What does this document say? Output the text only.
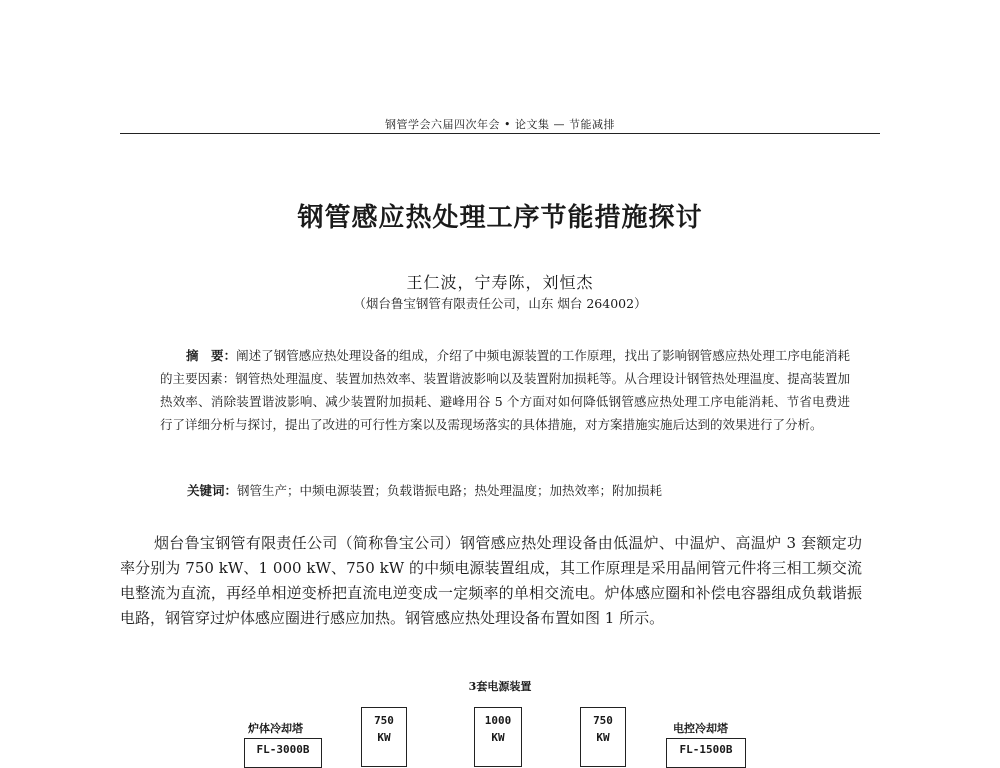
钢管学会六届四次年会 • 论文集 — 节能减排
钢管感应热处理工序节能措施探讨
王仁波，宁寿陈，刘恒杰
（烟台鲁宝钢管有限责任公司，山东 烟台 264002）
摘　要：阐述了钢管感应热处理设备的组成，介绍了中频电源装置的工作原理，找出了影响钢管感应热处理工序电能消耗的主要因素：钢管热处理温度、装置加热效率、装置谐波影响以及装置附加损耗等。从合理设计钢管热处理温度、提高装置加热效率、消除装置谐波影响、减少装置附加损耗、避峰用谷 5 个方面对如何降低钢管感应热处理工序电能消耗、节省电费进行了详细分析与探讨，提出了改进的可行性方案以及需现场落实的具体措施，对方案措施实施后达到的效果进行了分析。
关键词：钢管生产；中频电源装置；负载谐振电路；热处理温度；加热效率；附加损耗
烟台鲁宝钢管有限责任公司（简称鲁宝公司）钢管感应热处理设备由低温炉、中温炉、高温炉 3 套额定功率分别为 750 kW、1 000 kW、750 kW 的中频电源装置组成，其工作原理是采用晶闸管元件将三相工频交流电整流为直流，再经单相逆变桥把直流电逆变成一定频率的单相交流电。炉体感应圈和补偿电容器组成负载谐振电路，钢管穿过炉体感应圈进行感应加热。钢管感应热处理设备布置如图 1 所示。
3套电源装置
炉体冷却塔
FL-3000B
750
KW
1000
KW
750
KW
电控冷却塔
FL-1500B
